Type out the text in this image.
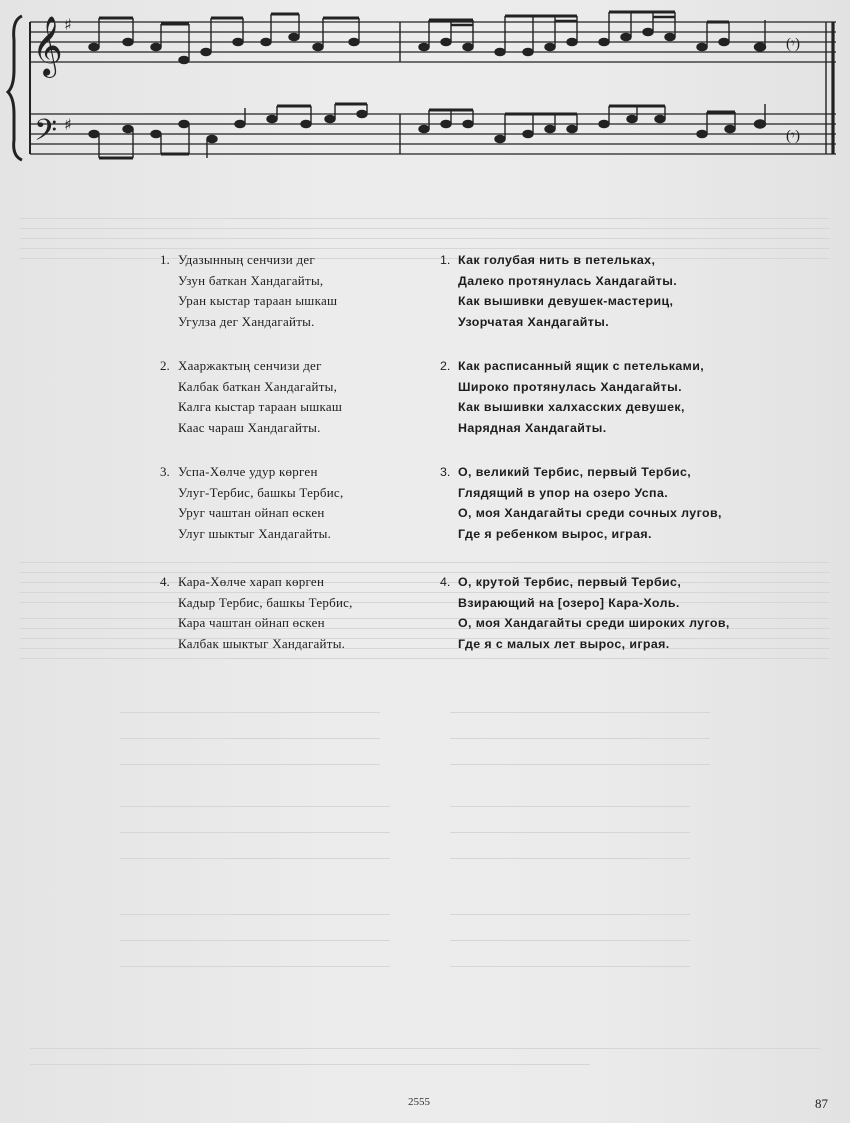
𝄞
𝄢
♯
♯
(𝄾)
(𝄾)
1. Удазынның сенчизи дег
Узун баткан Хандагайты,
Уран кыстар тарaан ышкаш
Угулза дег Хандагайты.
2. Хааржактың сенчизи дег
Калбак баткан Хандагайты,
Калга кыстар тарaан ышкаш
Каас чараш Хандагайты.
3. Успа-Хөлче удур көрген
Улуг-Тербис, башкы Тербис,
Уруг чаштан ойнап өскен
Улуг шыктыг Хандагайты.
4. Кара-Хөлче харап көрген
Кадыр Тербис, башкы Тербис,
Кара чаштан ойнап өскен
Калбак шыктыг Хандагайты.
1. Как голубая нить в петельках,
Далеко протянулась Хандагайты.
Как вышивки девушек-мастериц,
Узорчатая Хандагайты.
2. Как расписанный ящик с петельками,
Широко протянулась Хандагайты.
Как вышивки халхасских девушек,
Нарядная Хандагайты.
3. О, великий Тербис, первый Тербис,
Глядящий в упор на озеро Успа.
О, моя Хандагайты среди сочных лугов,
Где я ребенком вырос, играя.
4. О, крутой Тербис, первый Тербис,
Взирающий на [озеро] Кара-Холь.
О, моя Хандагайты среди широких лугов,
Где я с малых лет вырос, играя.
2555	87
